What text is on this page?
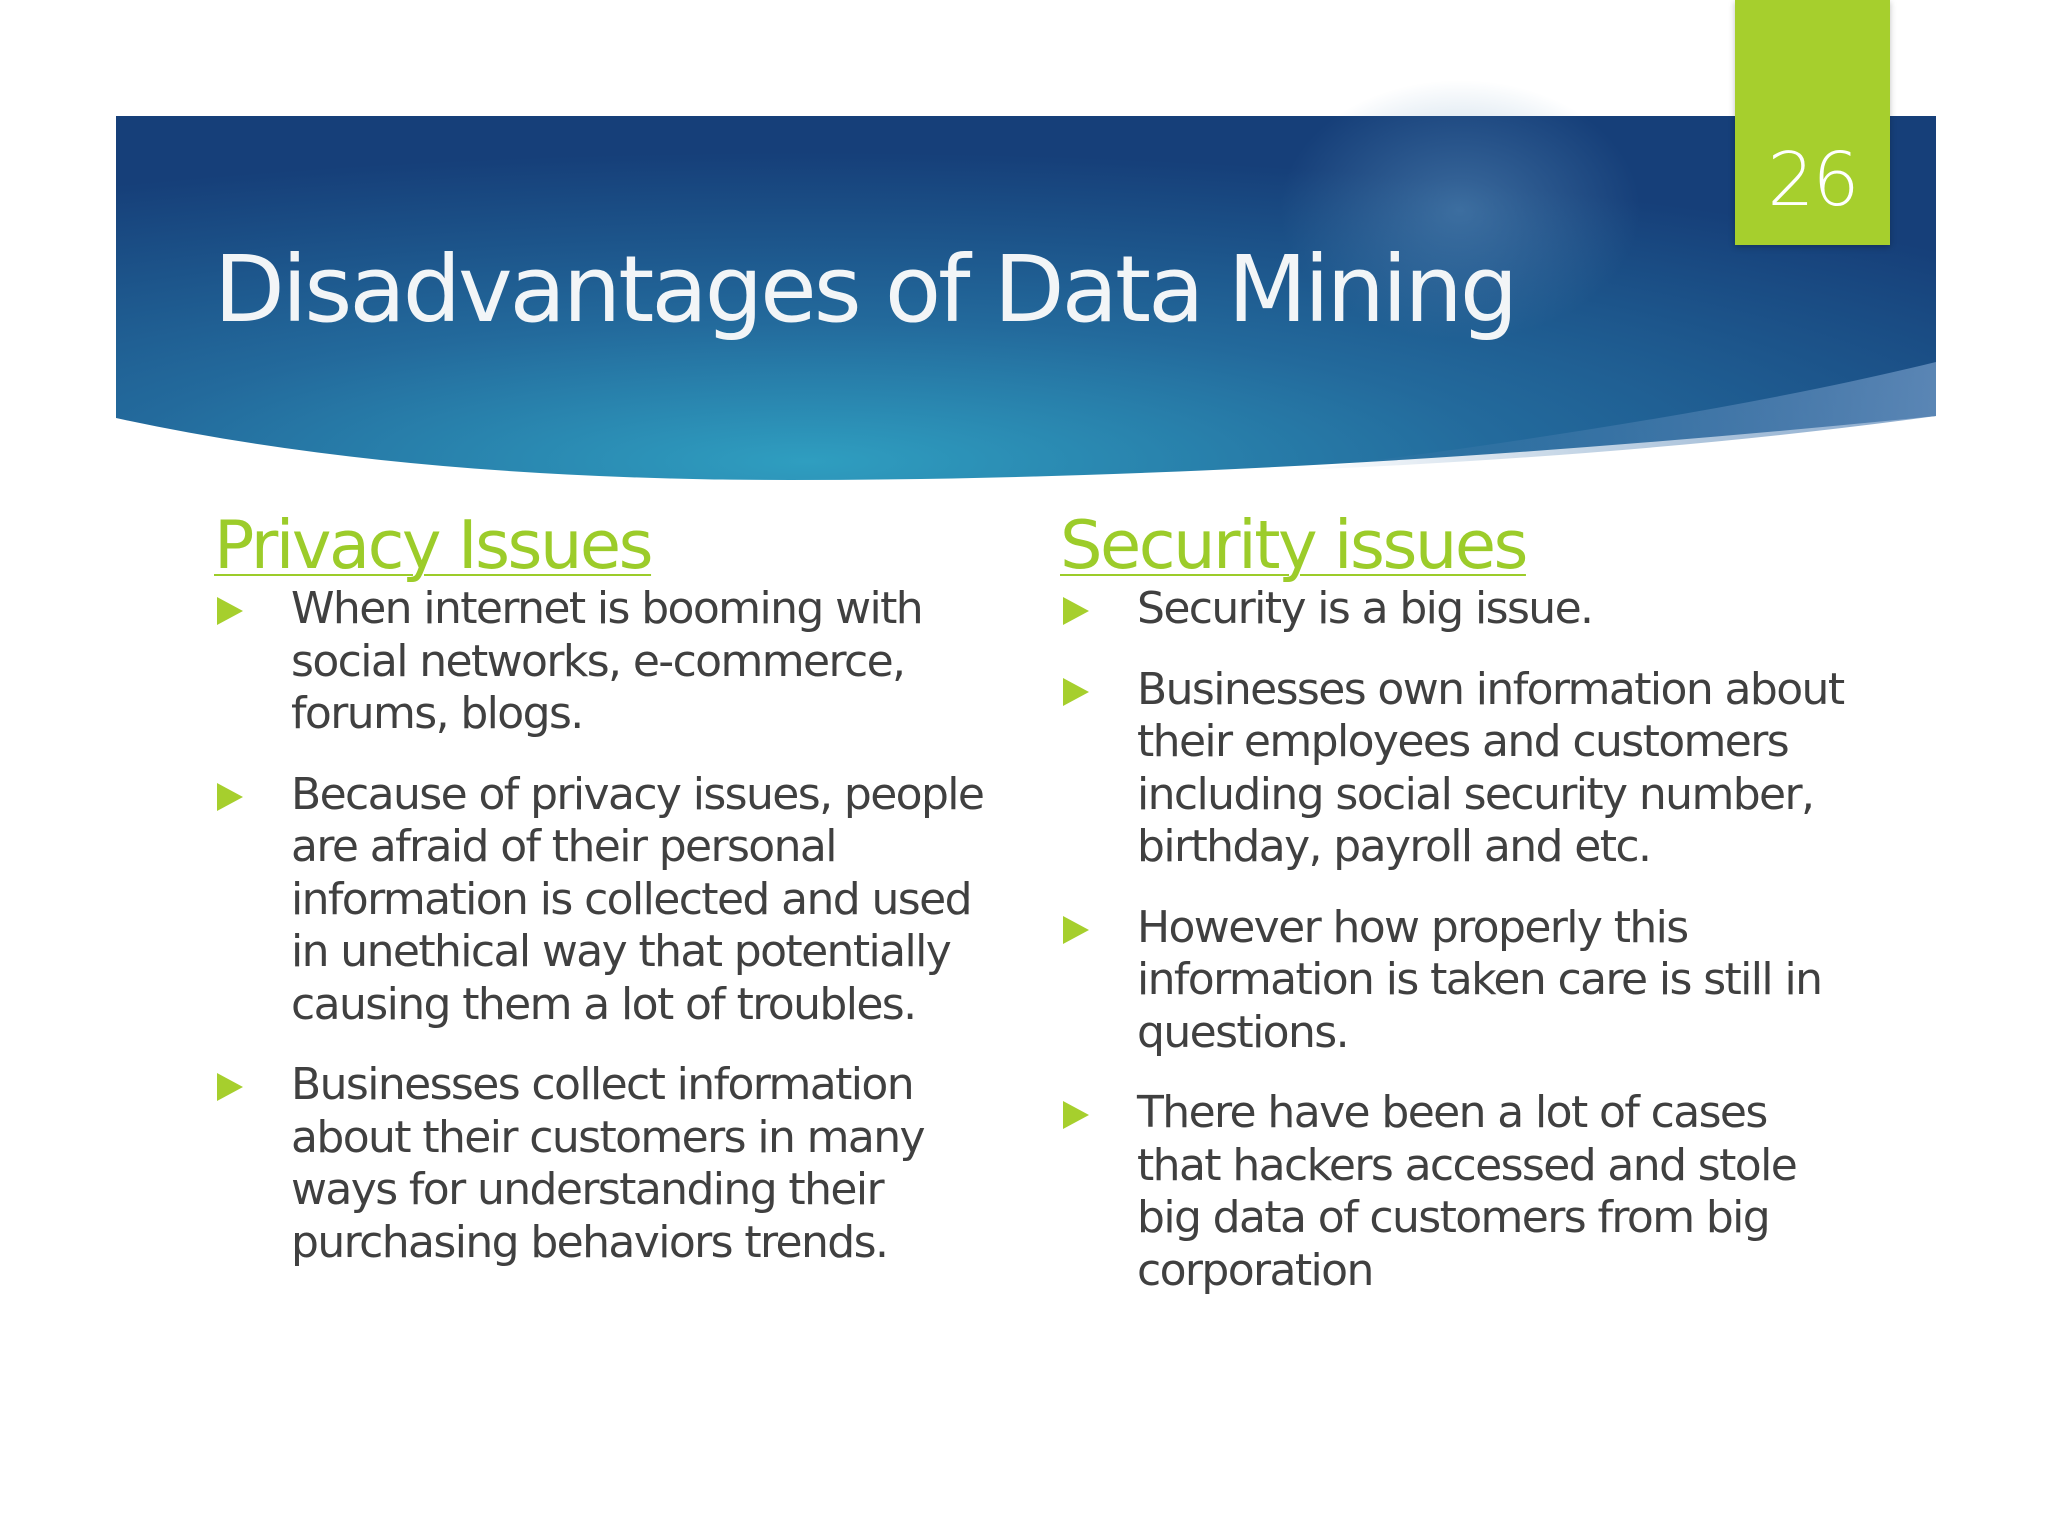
26
Disadvantages of Data Mining
Privacy Issues
When internet is booming with social networks, e-commerce, forums, blogs.
Because of privacy issues, people are afraid of their personal information is collected and used in unethical way that potentially causing them a lot of troubles.
Businesses collect information about their customers in many ways for understanding their purchasing behaviors trends.
Security issues
Security is a big issue.
Businesses own information about their employees and customers including social security number, birthday, payroll and etc.
However how properly this information is taken care is still in questions.
There have been a lot of cases that hackers accessed and stole big data of customers from big corporation
